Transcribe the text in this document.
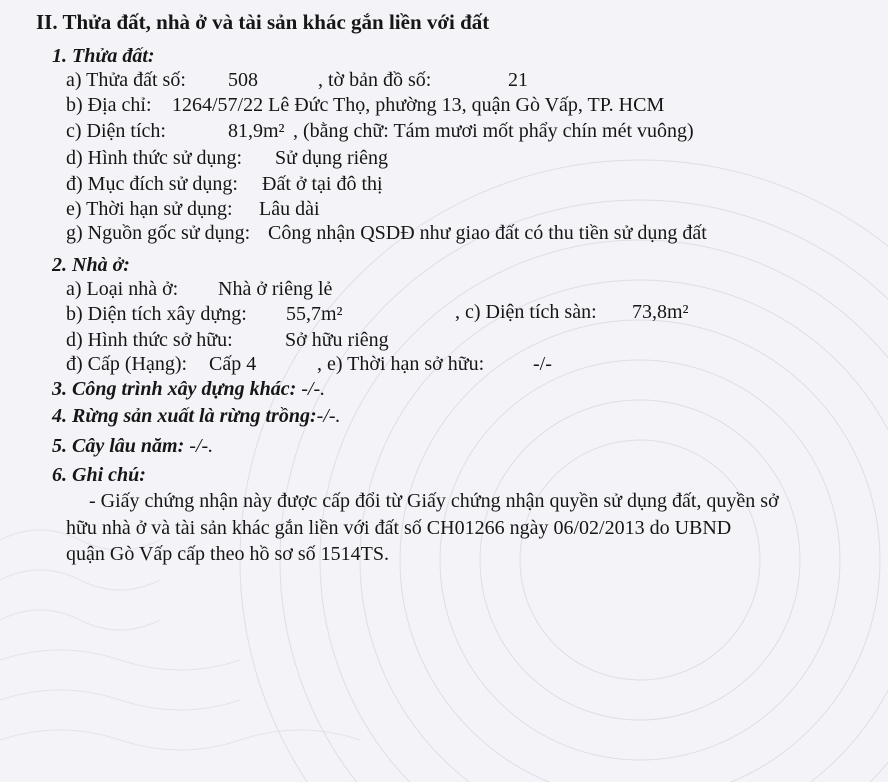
II. Thửa đất, nhà ở và tài sản khác gắn liền với đất
1. Thửa đất:
a) Thửa đất số: 508	, tờ bản đồ số:	21
b) Địa chỉ: 1264/57/22 Lê Đức Thọ, phường 13, quận Gò Vấp, TP. HCM
c) Diện tích:	81,9m² , (bằng chữ: Tám mươi mốt phẩy chín mét vuông)
d) Hình thức sử dụng: Sử dụng riêng
đ) Mục đích sử dụng: Đất ở tại đô thị
e) Thời hạn sử dụng: Lâu dài
g) Nguồn gốc sử dụng: Công nhận QSDĐ như giao đất có thu tiền sử dụng đất
2. Nhà ở:
a) Loại nhà ở: Nhà ở riêng lẻ
b) Diện tích xây dựng: 55,7m²	, c) Diện tích sàn: 73,8m²
d) Hình thức sở hữu:	Sở hữu riêng
đ) Cấp (Hạng): Cấp 4	, e) Thời hạn sở hữu: -/-
3. Công trình xây dựng khác: -/-.
4. Rừng sản xuất là rừng trồng:-/-.
5. Cây lâu năm: -/-.
6. Ghi chú:
- Giấy chứng nhận này được cấp đổi từ Giấy chứng nhận quyền sử dụng đất, quyền sở
hữu nhà ở và tài sản khác gắn liền với đất số CH01266 ngày 06/02/2013 do UBND
quận Gò Vấp cấp theo hồ sơ số 1514TS.
